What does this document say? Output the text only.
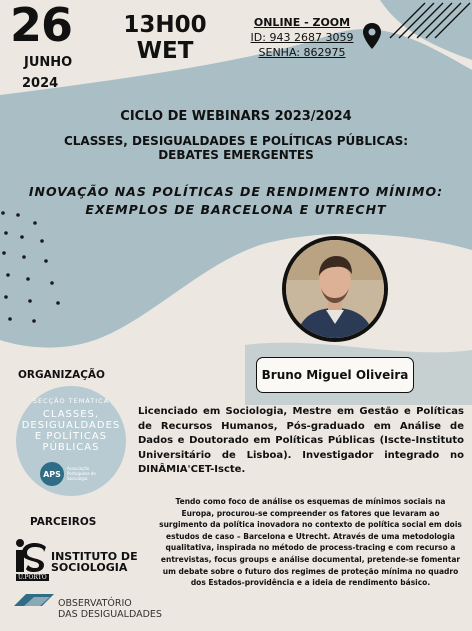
26
JUNHO
2024
13H00
WET
ONLINE - ZOOM
ID: 943 2687 3059
SENHA: 862975
CICLO DE WEBINARS 2023/2024
CLASSES, DESIGUALDADES E POLÍTICAS PÚBLICAS:
DEBATES EMERGENTES
INOVAÇÃO NAS POLÍTICAS DE RENDIMENTO MÍNIMO:
EXEMPLOS DE BARCELONA E UTRECHT
Bruno Miguel Oliveira
ORGANIZAÇÃO
SECÇÃO TEMÁTICA
CLASSES,
DESIGUALDADES
E POLÍTICAS
PÚBLICAS
APS
Associação Portuguesa de Sociologia
Licenciado em Sociologia, Mestre em Gestão e Políticas de Recursos Humanos, Pós-graduado em Análise de Dados e Doutorado em Políticas Públicas (Iscte-Instituto Universitário de Lisboa). Investigador integrado no DINÂMIA'CET-Iscte.
Tendo como foco de análise os esquemas de mínimos sociais na Europa, procurou-se compreender os fatores que levaram ao surgimento da política inovadora no contexto de política social em dois estudos de caso – Barcelona e Utrecht. Através de uma metodologia qualitativa, inspirada no método de process-tracing e com recurso a entrevistas, focus groups e análise documental, pretende-se fomentar um debate sobre o futuro dos regimes de proteção mínima no quadro dos Estados-providência e a ideia de rendimento básico.
PARCEIROS
INSTITUTO DE
SOCIOLOGIA
U.PORTO
OBSERVATÓRIO
DAS DESIGUALDADES
